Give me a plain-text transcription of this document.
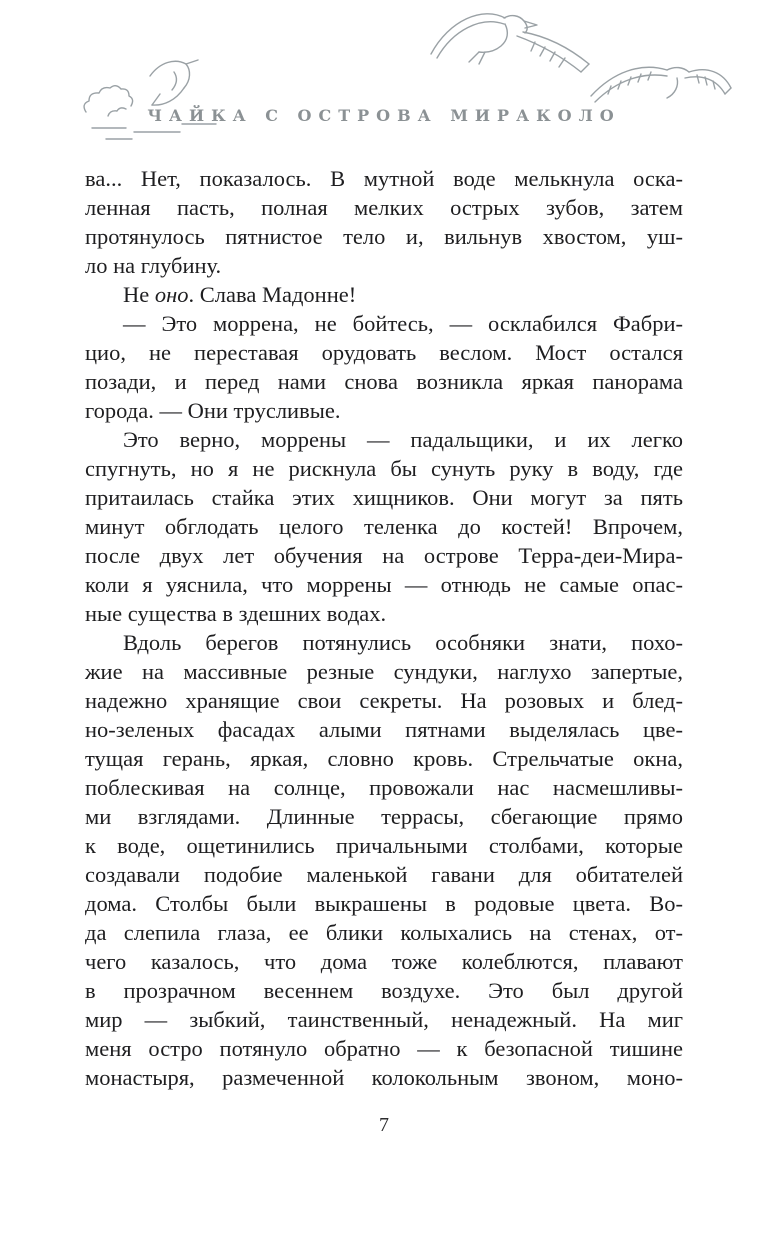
ЧАЙКА С ОСТРОВА МИРАКОЛО
ва... Нет, показалось. В мутной воде мелькнула оска-
ленная пасть, полная мелких острых зубов, затем
протянулось пятнистое тело и, вильнув хвостом, уш-
ло на глубину.
Не оно. Слава Мадонне!
— Это моррена, не бойтесь, — осклабился Фабри-
цио, не переставая орудовать веслом. Мост остался
позади, и перед нами снова возникла яркая панорама
города. — Они трусливые.
Это верно, моррены — падальщики, и их легко
спугнуть, но я не рискнула бы сунуть руку в воду, где
притаилась стайка этих хищников. Они могут за пять
минут обглодать целого теленка до костей! Впрочем,
после двух лет обучения на острове Терра-деи-Мира-
коли я уяснила, что моррены — отнюдь не самые опас-
ные существа в здешних водах.
Вдоль берегов потянулись особняки знати, похо-
жие на массивные резные сундуки, наглухо запертые,
надежно хранящие свои секреты. На розовых и блед-
но-зеленых фасадах алыми пятнами выделялась цве-
тущая герань, яркая, словно кровь. Стрельчатые окна,
поблескивая на солнце, провожали нас насмешливы-
ми взглядами. Длинные террасы, сбегающие прямо
к воде, ощетинились причальными столбами, которые
создавали подобие маленькой гавани для обитателей
дома. Столбы были выкрашены в родовые цвета. Во-
да слепила глаза, ее блики колыхались на стенах, от-
чего казалось, что дома тоже колеблются, плавают
в прозрачном весеннем воздухе. Это был другой
мир — зыбкий, таинственный, ненадежный. На миг
меня остро потянуло обратно — к безопасной тишине
монастыря, размеченной колокольным звоном, моно-
7
